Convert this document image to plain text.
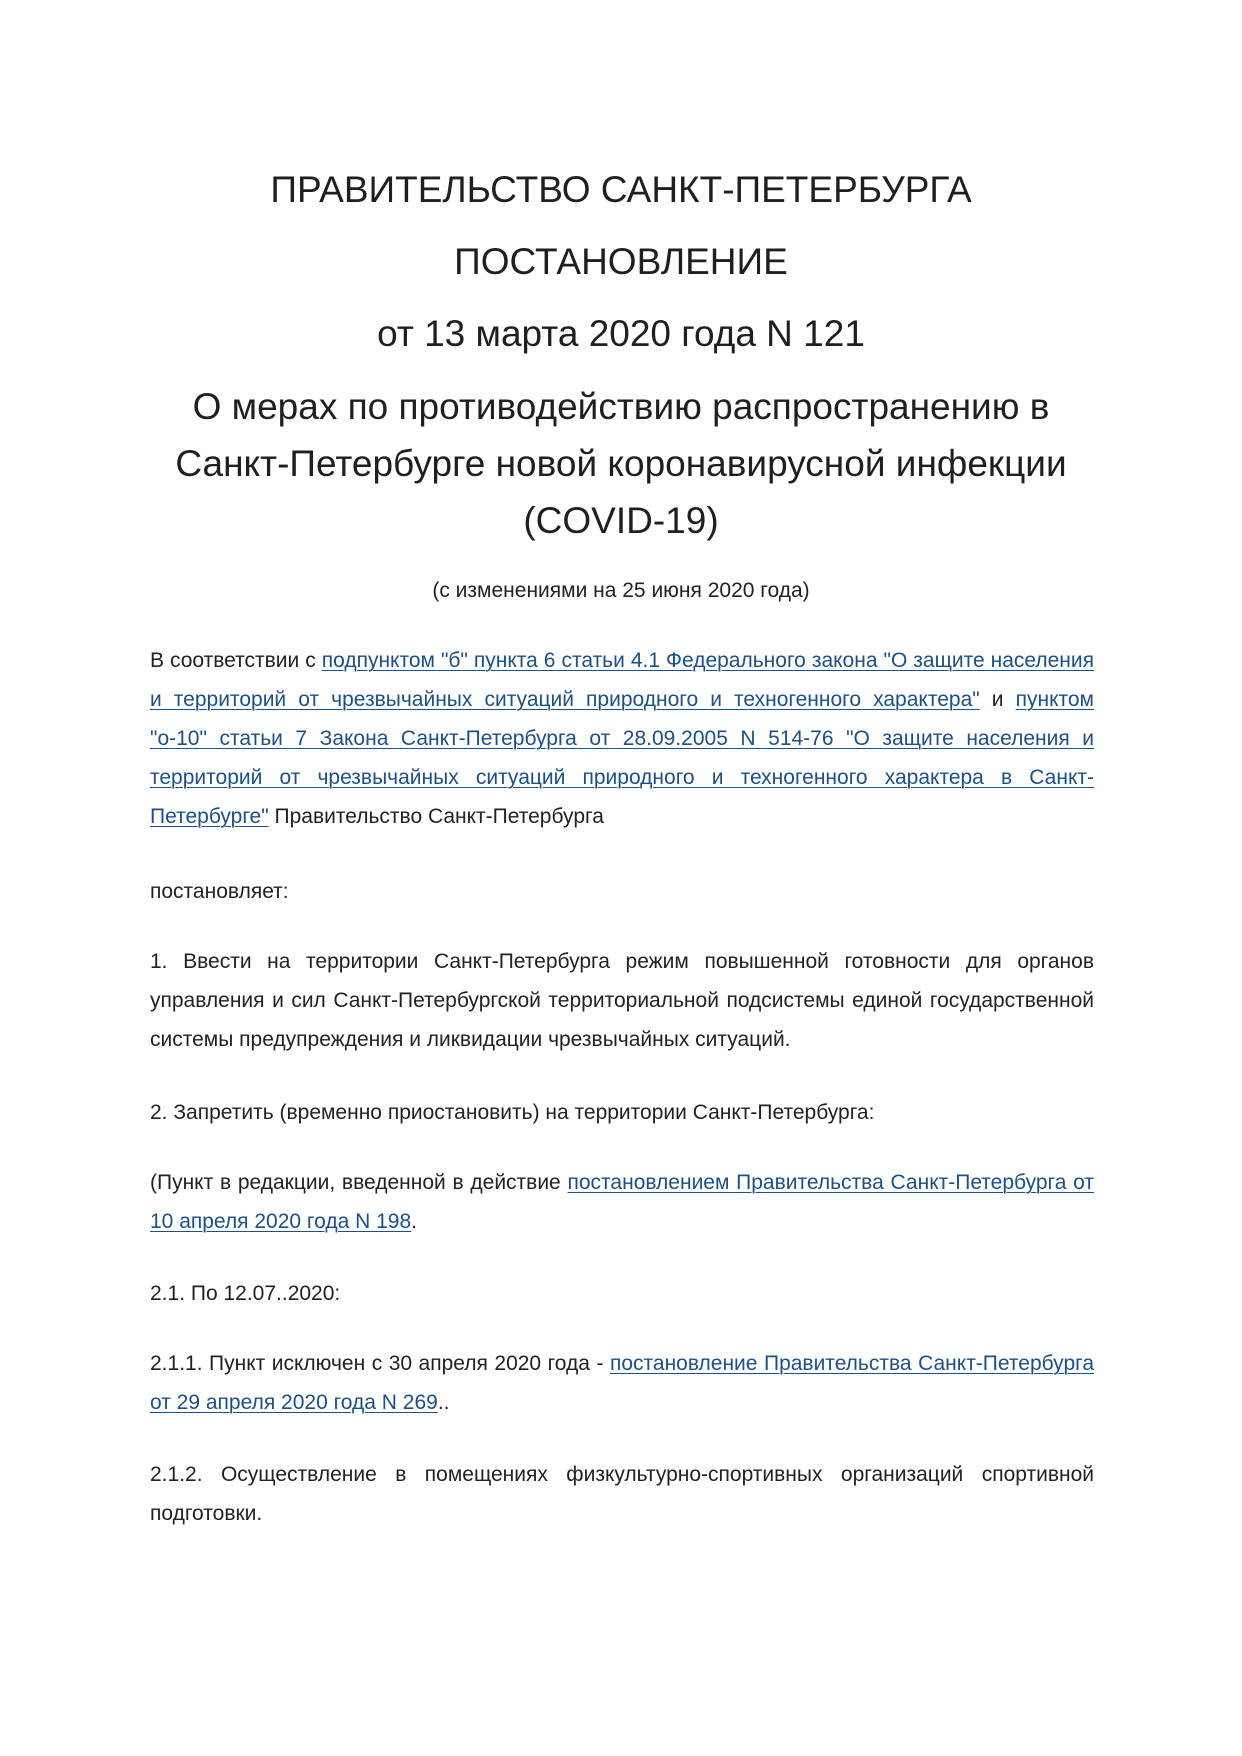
ПРАВИТЕЛЬСТВО САНКТ-ПЕТЕРБУРГА
ПОСТАНОВЛЕНИЕ
от 13 марта 2020 года N 121
О мерах по противодействию распространению в Санкт-Петербурге новой коронавирусной инфекции (COVID-19)
(с изменениями на 25 июня 2020 года)

В соответствии с подпунктом "б" пункта 6 статьи 4.1 Федерального закона "О защите населения и территорий от чрезвычайных ситуаций природного и техногенного характера" и пунктом "о-10" статьи 7 Закона Санкт-Петербурга от 28.09.2005 N 514-76 "О защите населения и территорий от чрезвычайных ситуаций природного и техногенного характера в Санкт-Петербурге" Правительство Санкт-Петербурга

постановляет:

1. Ввести на территории Санкт-Петербурга режим повышенной готовности для органов управления и сил Санкт-Петербургской территориальной подсистемы единой государственной системы предупреждения и ликвидации чрезвычайных ситуаций.

2. Запретить (временно приостановить) на территории Санкт-Петербурга:

(Пункт в редакции, введенной в действие постановлением Правительства Санкт-Петербурга от 10 апреля 2020 года N 198.

2.1. По 12.07..2020:

2.1.1. Пункт исключен с 30 апреля 2020 года - постановление Правительства Санкт-Петербурга от 29 апреля 2020 года N 269..

2.1.2. Осуществление в помещениях физкультурно-спортивных организаций спортивной подготовки.
